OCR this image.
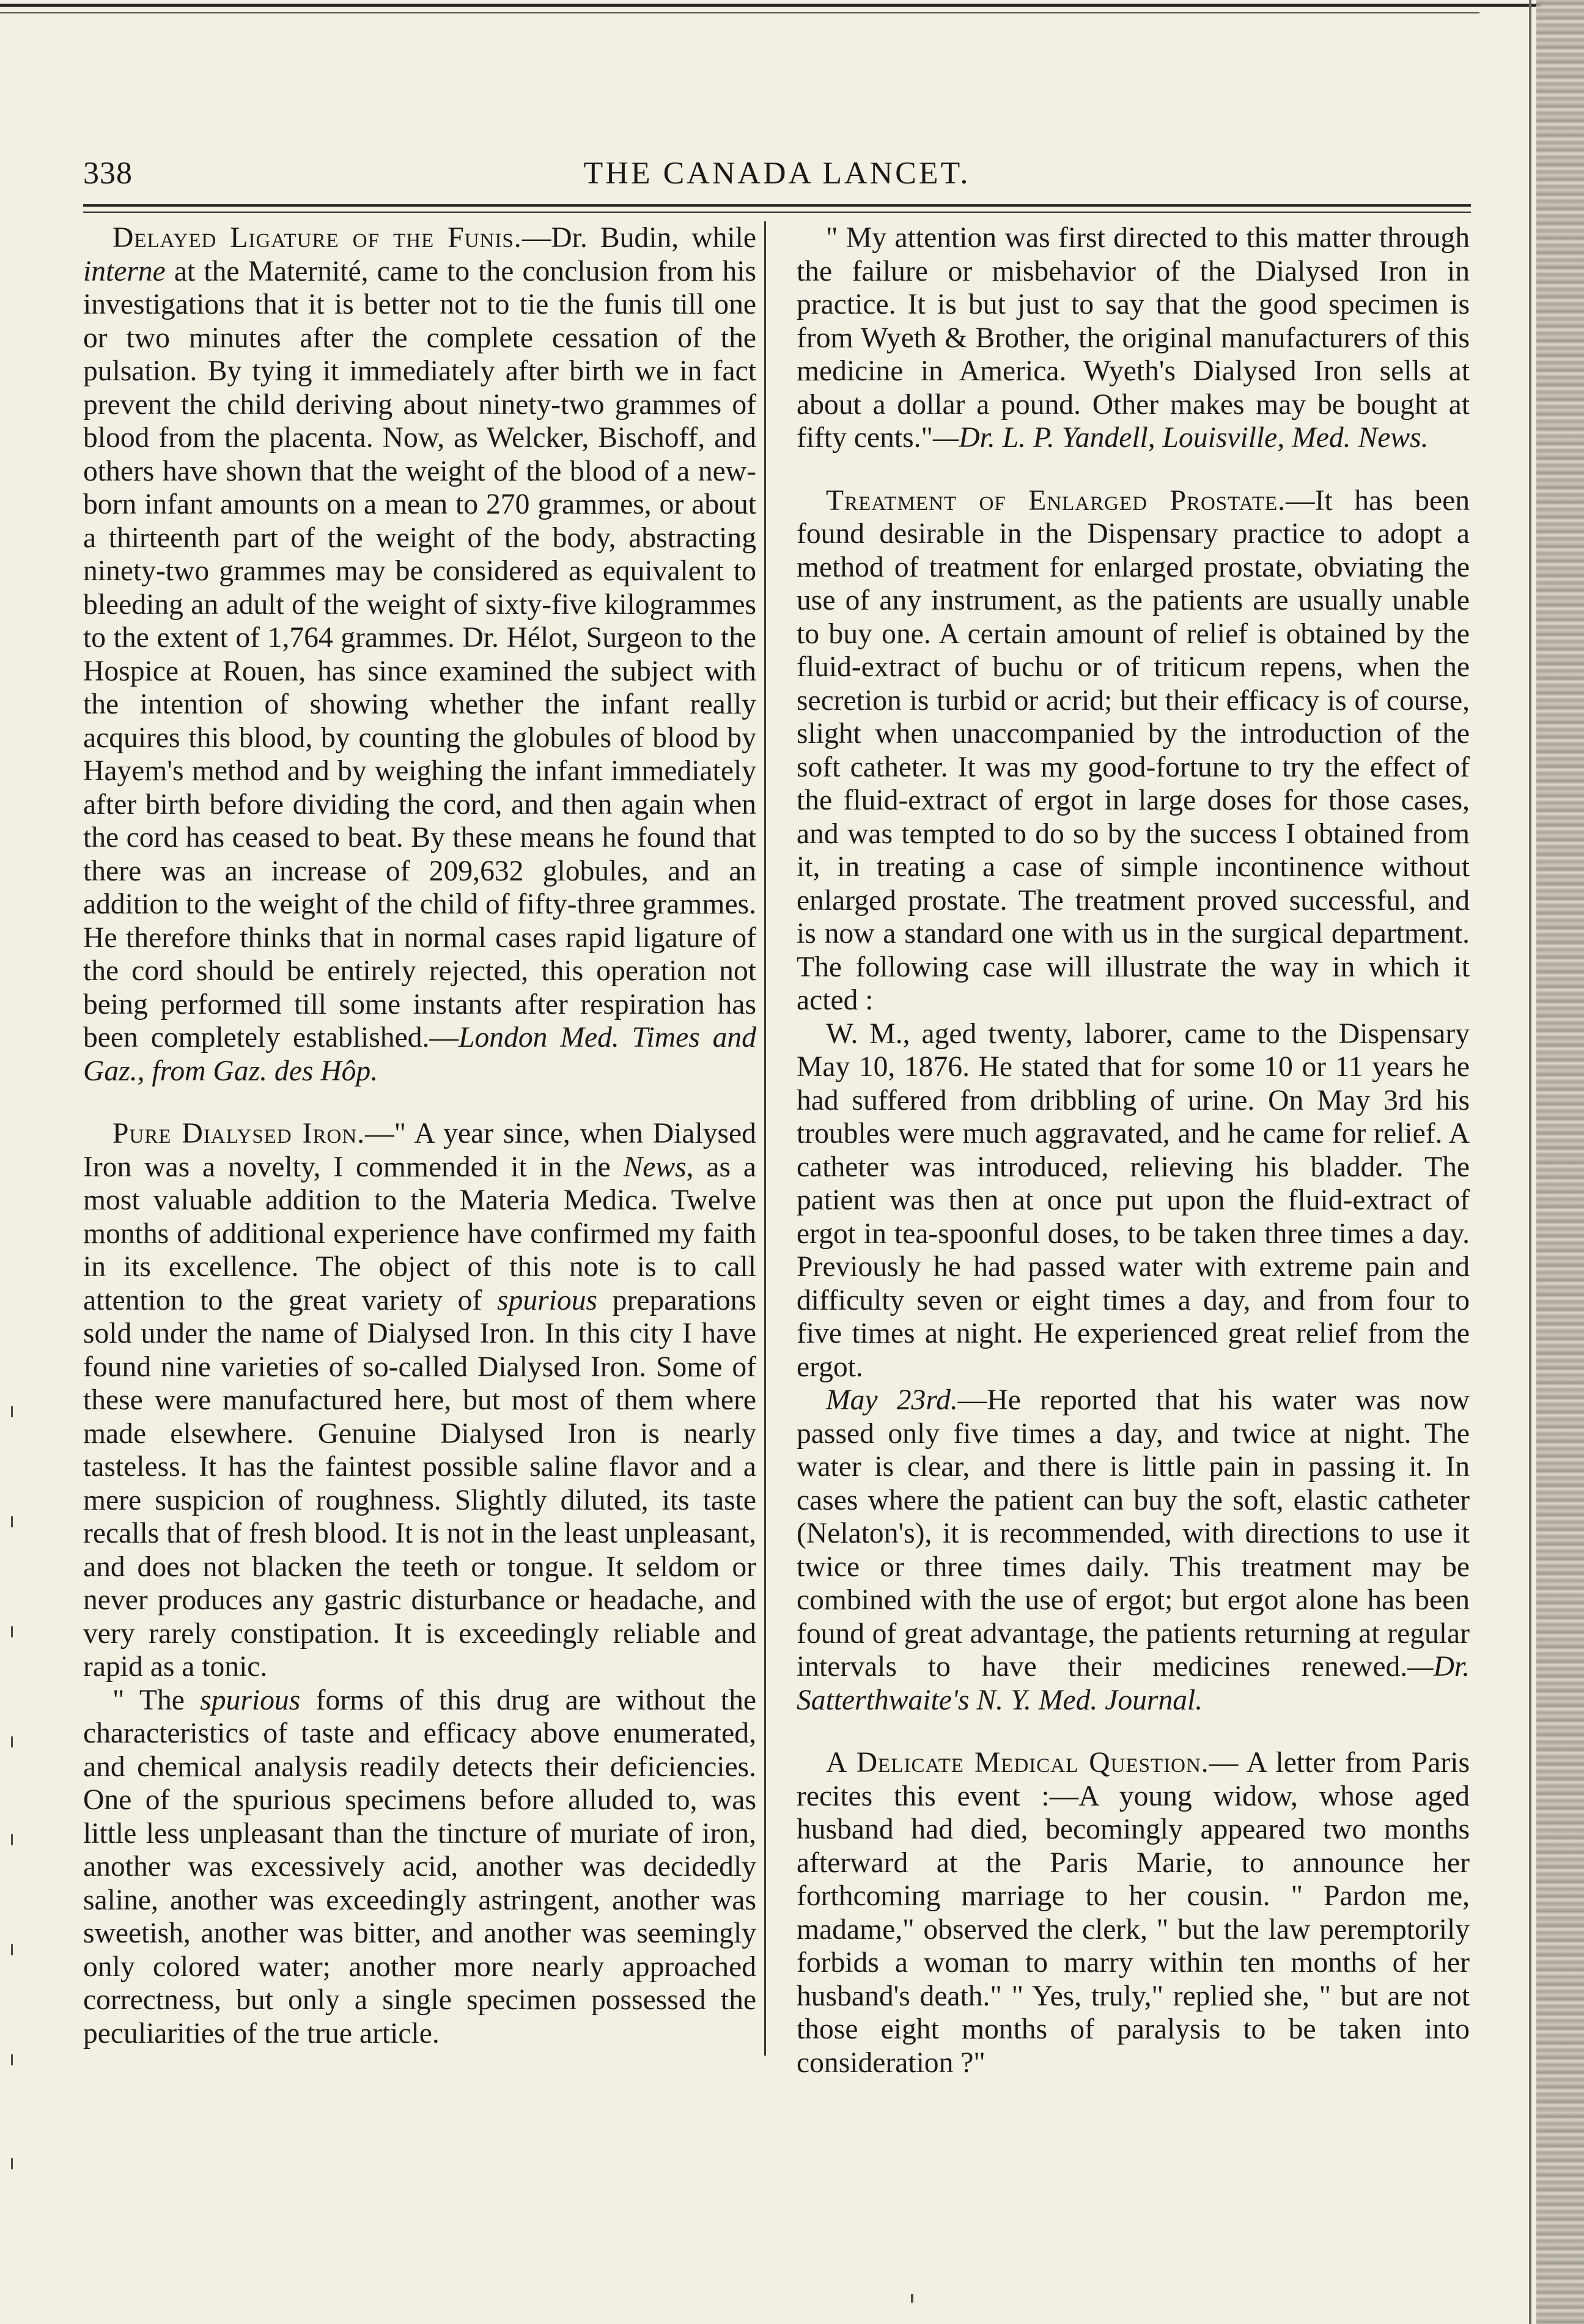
338	THE CANADA LANCET.

Delayed Ligature of the Funis.—Dr. Budin, while interne at the Maternité, came to the conclusion from his investigations that it is better not to tie the funis till one or two minutes after the complete cessation of the pulsation. By tying it immediately after birth we in fact prevent the child deriving about ninety-two grammes of blood from the placenta. Now, as Welcker, Bischoff, and others have shown that the weight of the blood of a new-born infant amounts on a mean to 270 grammes, or about a thirteenth part of the weight of the body, abstracting ninety-two grammes may be considered as equivalent to bleeding an adult of the weight of sixty-five kilogrammes to the extent of 1,764 grammes. Dr. Hélot, Surgeon to the Hospice at Rouen, has since examined the subject with the intention of showing whether the infant really acquires this blood, by counting the globules of blood by Hayem's method and by weighing the infant immediately after birth before dividing the cord, and then again when the cord has ceased to beat. By these means he found that there was an increase of 209,632 globules, and an addition to the weight of the child of fifty-three grammes. He therefore thinks that in normal cases rapid ligature of the cord should be entirely rejected, this operation not being performed till some instants after respiration has been completely established.—London Med. Times and Gaz., from Gaz. des Hôp.

Pure Dialysed Iron.—" A year since, when Dialysed Iron was a novelty, I commended it in the News, as a most valuable addition to the Materia Medica. Twelve months of additional experience have confirmed my faith in its excellence. The object of this note is to call attention to the great variety of spurious preparations sold under the name of Dialysed Iron. In this city I have found nine varieties of so-called Dialysed Iron. Some of these were manufactured here, but most of them where made elsewhere. Genuine Dialysed Iron is nearly tasteless. It has the faintest possible saline flavor and a mere suspicion of roughness. Slightly diluted, its taste recalls that of fresh blood. It is not in the least unpleasant, and does not blacken the teeth or tongue. It seldom or never produces any gastric disturbance or headache, and very rarely constipation. It is exceedingly reliable and rapid as a tonic.

" The spurious forms of this drug are without the characteristics of taste and efficacy above enumerated, and chemical analysis readily detects their deficiencies. One of the spurious specimens before alluded to, was little less unpleasant than the tincture of muriate of iron, another was excessively acid, another was decidedly saline, another was exceedingly astringent, another was sweetish, another was bitter, and another was seemingly only colored water; another more nearly approached correctness, but only a single specimen possessed the peculiarities of the true article.

" My attention was first directed to this matter through the failure or misbehavior of the Dialysed Iron in practice. It is but just to say that the good specimen is from Wyeth & Brother, the original manufacturers of this medicine in America. Wyeth's Dialysed Iron sells at about a dollar a pound. Other makes may be bought at fifty cents."—Dr. L. P. Yandell, Louisville, Med. News.

Treatment of Enlarged Prostate.—It has been found desirable in the Dispensary practice to adopt a method of treatment for enlarged prostate, obviating the use of any instrument, as the patients are usually unable to buy one. A certain amount of relief is obtained by the fluid-extract of buchu or of triticum repens, when the secretion is turbid or acrid; but their efficacy is of course, slight when unaccompanied by the introduction of the soft catheter. It was my good-fortune to try the effect of the fluid-extract of ergot in large doses for those cases, and was tempted to do so by the success I obtained from it, in treating a case of simple incontinence without enlarged prostate. The treatment proved successful, and is now a standard one with us in the surgical department. The following case will illustrate the way in which it acted :

W. M., aged twenty, laborer, came to the Dispensary May 10, 1876. He stated that for some 10 or 11 years he had suffered from dribbling of urine. On May 3rd his troubles were much aggravated, and he came for relief. A catheter was introduced, relieving his bladder. The patient was then at once put upon the fluid-extract of ergot in tea-spoonful doses, to be taken three times a day. Previously he had passed water with extreme pain and difficulty seven or eight times a day, and from four to five times at night. He experienced great relief from the ergot.

May 23rd.—He reported that his water was now passed only five times a day, and twice at night. The water is clear, and there is little pain in passing it. In cases where the patient can buy the soft, elastic catheter (Nelaton's), it is recommended, with directions to use it twice or three times daily. This treatment may be combined with the use of ergot; but ergot alone has been found of great advantage, the patients returning at regular intervals to have their medicines renewed.—Dr. Satterthwaite's N. Y. Med. Journal.

A Delicate Medical Question.— A letter from Paris recites this event :—A young widow, whose aged husband had died, becomingly appeared two months afterward at the Paris Marie, to announce her forthcoming marriage to her cousin. " Pardon me, madame," observed the clerk, " but the law peremptorily forbids a woman to marry within ten months of her husband's death." " Yes, truly," replied she, " but are not those eight months of paralysis to be taken into consideration ?"
